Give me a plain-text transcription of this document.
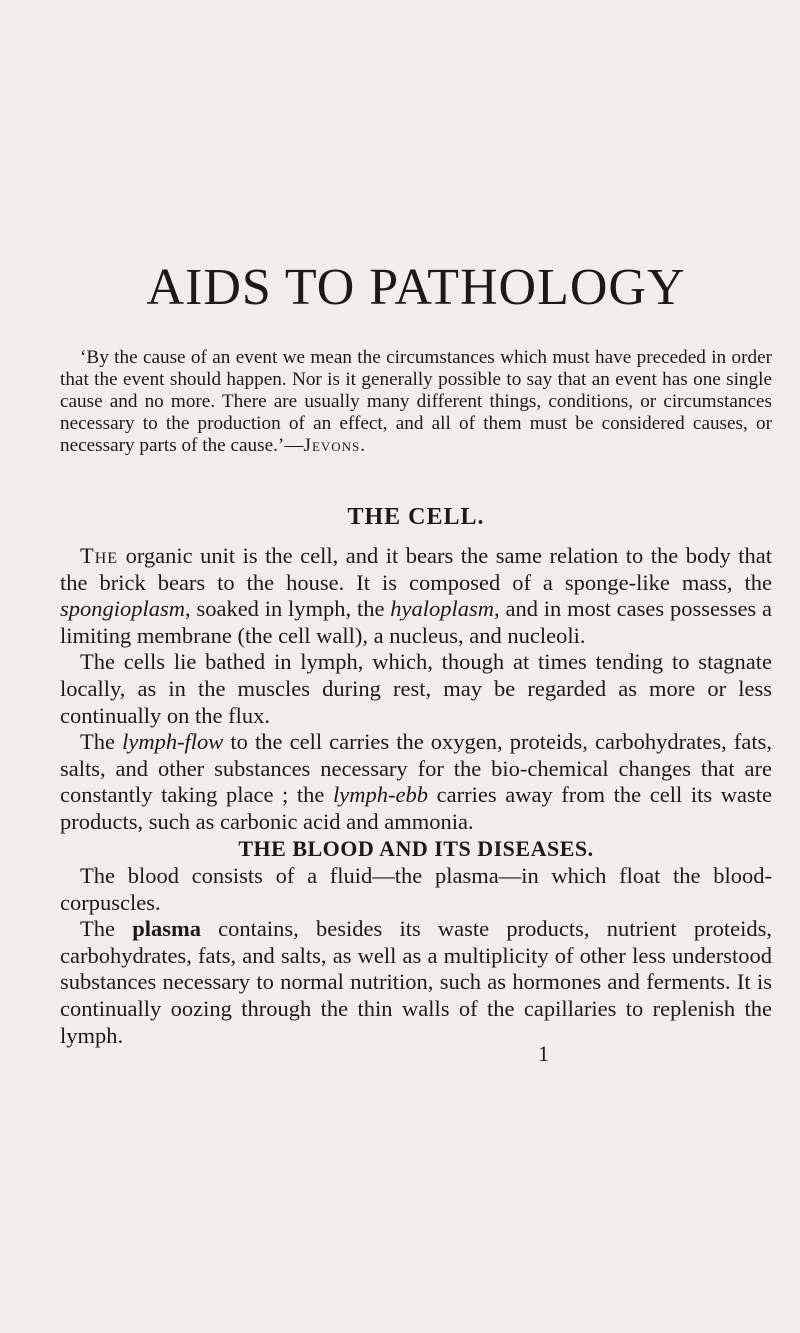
AIDS TO PATHOLOGY

‘By the cause of an event we mean the circumstances which must have preceded in order that the event should happen. Nor is it generally possible to say that an event has one single cause and no more. There are usually many different things, conditions, or circumstances necessary to the production of an effect, and all of them must be considered causes, or necessary parts of the cause.’—Jevons.

THE CELL.

The organic unit is the cell, and it bears the same relation to the body that the brick bears to the house. It is composed of a sponge-like mass, the spongioplasm, soaked in lymph, the hyaloplasm, and in most cases possesses a limiting membrane (the cell wall), a nucleus, and nucleoli.

The cells lie bathed in lymph, which, though at times tending to stagnate locally, as in the muscles during rest, may be regarded as more or less continually on the flux.

The lymph-flow to the cell carries the oxygen, proteids, carbohydrates, fats, salts, and other substances necessary for the bio-chemical changes that are constantly taking place ; the lymph-ebb carries away from the cell its waste products, such as carbonic acid and ammonia.

THE BLOOD AND ITS DISEASES.

The blood consists of a fluid—the plasma—in which float the blood-corpuscles.

The plasma contains, besides its waste products, nutrient proteids, carbohydrates, fats, and salts, as well as a multiplicity of other less understood substances necessary to normal nutrition, such as hormones and ferments. It is continually oozing through the thin walls of the capillaries to replenish the lymph.

1
